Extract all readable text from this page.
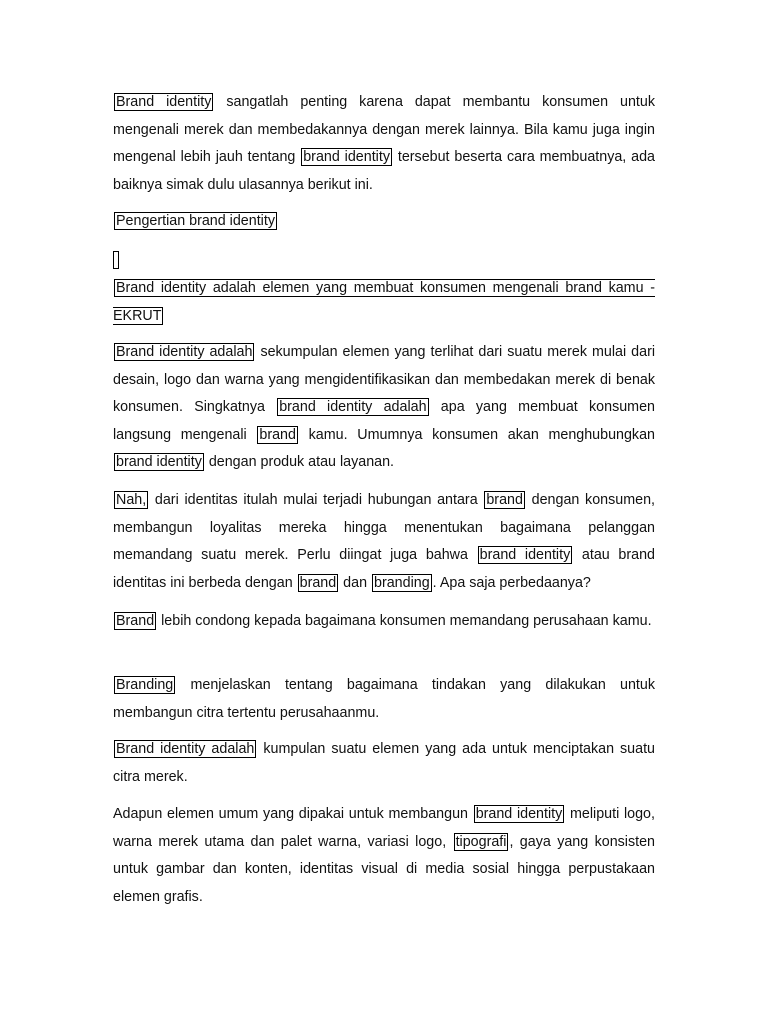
Brand identity sangatlah penting karena dapat membantu konsumen untuk mengenali merek dan membedakannya dengan merek lainnya. Bila kamu juga ingin mengenal lebih jauh tentang brand identity tersebut beserta cara membuatnya, ada baiknya simak dulu ulasannya berikut ini.

Pengertian brand identity

Brand identity adalah elemen yang membuat konsumen mengenali brand kamu - EKRUT

Brand identity adalah sekumpulan elemen yang terlihat dari suatu merek mulai dari desain, logo dan warna yang mengidentifikasikan dan membedakan merek di benak konsumen. Singkatnya brand identity adalah apa yang membuat konsumen langsung mengenali brand kamu. Umumnya konsumen akan menghubungkan brand identity dengan produk atau layanan.

Nah, dari identitas itulah mulai terjadi hubungan antara brand dengan konsumen, membangun loyalitas mereka hingga menentukan bagaimana pelanggan memandang suatu merek. Perlu diingat juga bahwa brand identity atau brand identitas ini berbeda dengan brand dan branding . Apa saja perbedaanya?

Brand lebih condong kepada bagaimana konsumen memandang perusahaan kamu.

Branding menjelaskan tentang bagaimana tindakan yang dilakukan untuk membangun citra tertentu perusahaanmu.

Brand identity adalah kumpulan suatu elemen yang ada untuk menciptakan suatu citra merek.

Adapun elemen umum yang dipakai untuk membangun brand identity meliputi logo, warna merek utama dan palet warna, variasi logo, tipografi , gaya yang konsisten untuk gambar dan konten, identitas visual di media sosial hingga perpustakaan elemen grafis.
